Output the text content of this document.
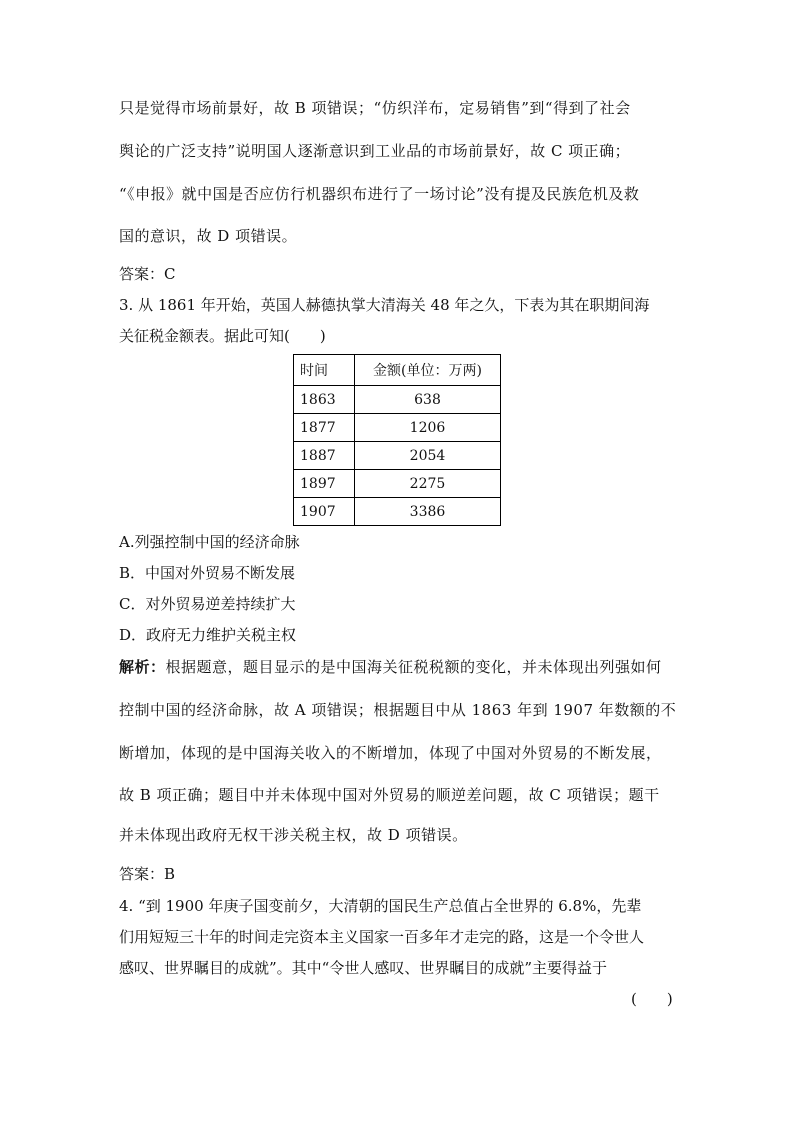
只是觉得市场前景好，故 B 项错误；“仿织洋布，定易销售”到“得到了社会
舆论的广泛支持”说明国人逐渐意识到工业品的市场前景好，故 C 项正确；
“《申报》就中国是否应仿行机器织布进行了一场讨论”没有提及民族危机及救
国的意识，故 D 项错误。
答案：C
3. 从 1861 年开始，英国人赫德执掌大清海关 48 年之久，下表为其在职期间海
关征税金额表。据此可知(　　)
时间	金额(单位：万两)
1863	638
1877	1206
1887	2054
1897	2275
1907	3386
A.列强控制中国的经济命脉
B．中国对外贸易不断发展
C．对外贸易逆差持续扩大
D．政府无力维护关税主权
解析：根据题意，题目显示的是中国海关征税税额的变化，并未体现出列强如何
控制中国的经济命脉，故 A 项错误；根据题目中从 1863 年到 1907 年数额的不
断增加，体现的是中国海关收入的不断增加，体现了中国对外贸易的不断发展，
故 B 项正确；题目中并未体现中国对外贸易的顺逆差问题，故 C 项错误；题干
并未体现出政府无权干涉关税主权，故 D 项错误。
答案：B
4. “到 1900 年庚子国变前夕，大清朝的国民生产总值占全世界的 6.8%，先辈
们用短短三十年的时间走完资本主义国家一百多年才走完的路，这是一个令世人
感叹、世界瞩目的成就”。其中“令世人感叹、世界瞩目的成就”主要得益于
(　　)
